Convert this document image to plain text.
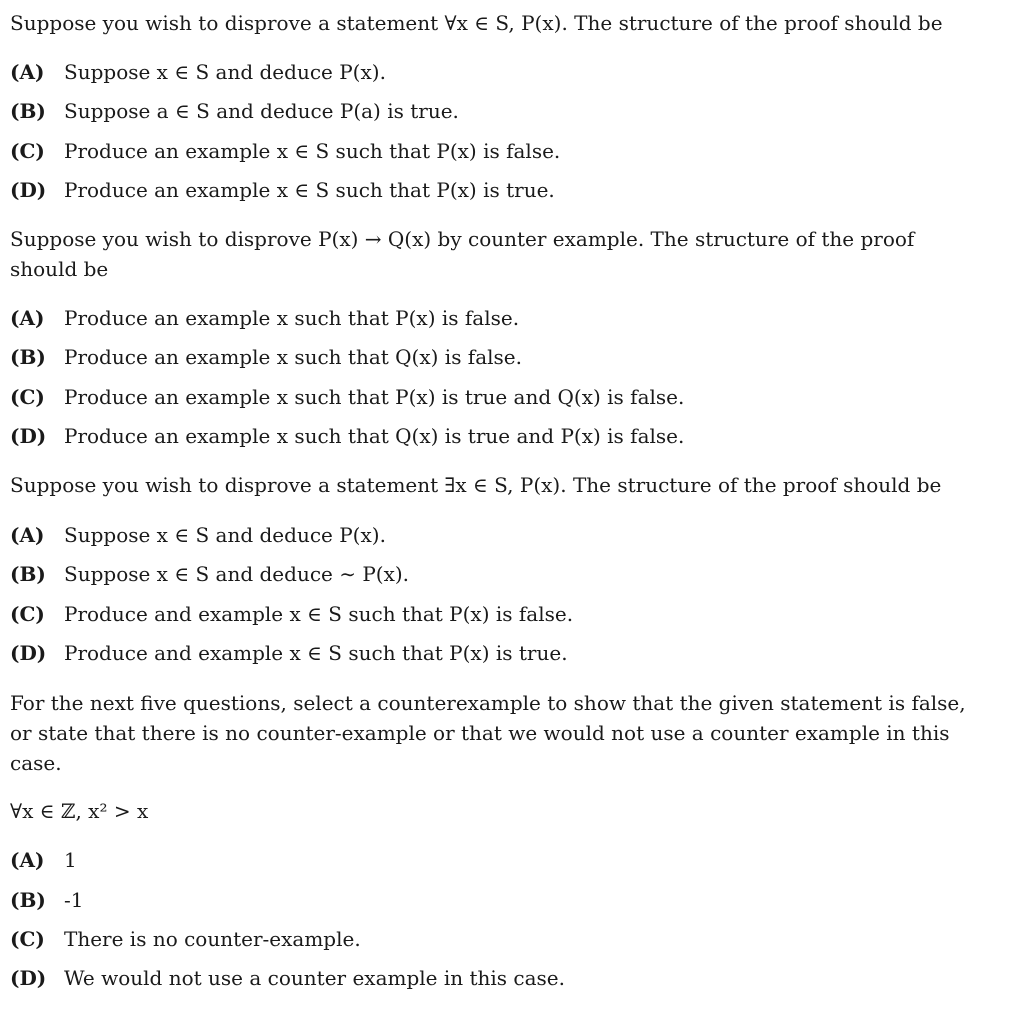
Suppose you wish to disprove a statement ∀x ∈ S, P(x). The structure of the proof should be
(A) Suppose x ∈ S and deduce P(x).
(B) Suppose a ∈ S and deduce P(a) is true.
(C) Produce an example x ∈ S such that P(x) is false.
(D) Produce an example x ∈ S such that P(x) is true.
Suppose you wish to disprove P(x) → Q(x) by counter example. The structure of the proof should be
(A) Produce an example x such that P(x) is false.
(B) Produce an example x such that Q(x) is false.
(C) Produce an example x such that P(x) is true and Q(x) is false.
(D) Produce an example x such that Q(x) is true and P(x) is false.
Suppose you wish to disprove a statement ∃x ∈ S, P(x). The structure of the proof should be
(A) Suppose x ∈ S and deduce P(x).
(B) Suppose x ∈ S and deduce ∼ P(x).
(C) Produce and example x ∈ S such that P(x) is false.
(D) Produce and example x ∈ S such that P(x) is true.
For the next five questions, select a counterexample to show that the given statement is false, or state that there is no counter-example or that we would not use a counter example in this case.
∀x ∈ ℤ, x² > x
(A) 1
(B) -1
(C) There is no counter-example.
(D) We would not use a counter example in this case.
